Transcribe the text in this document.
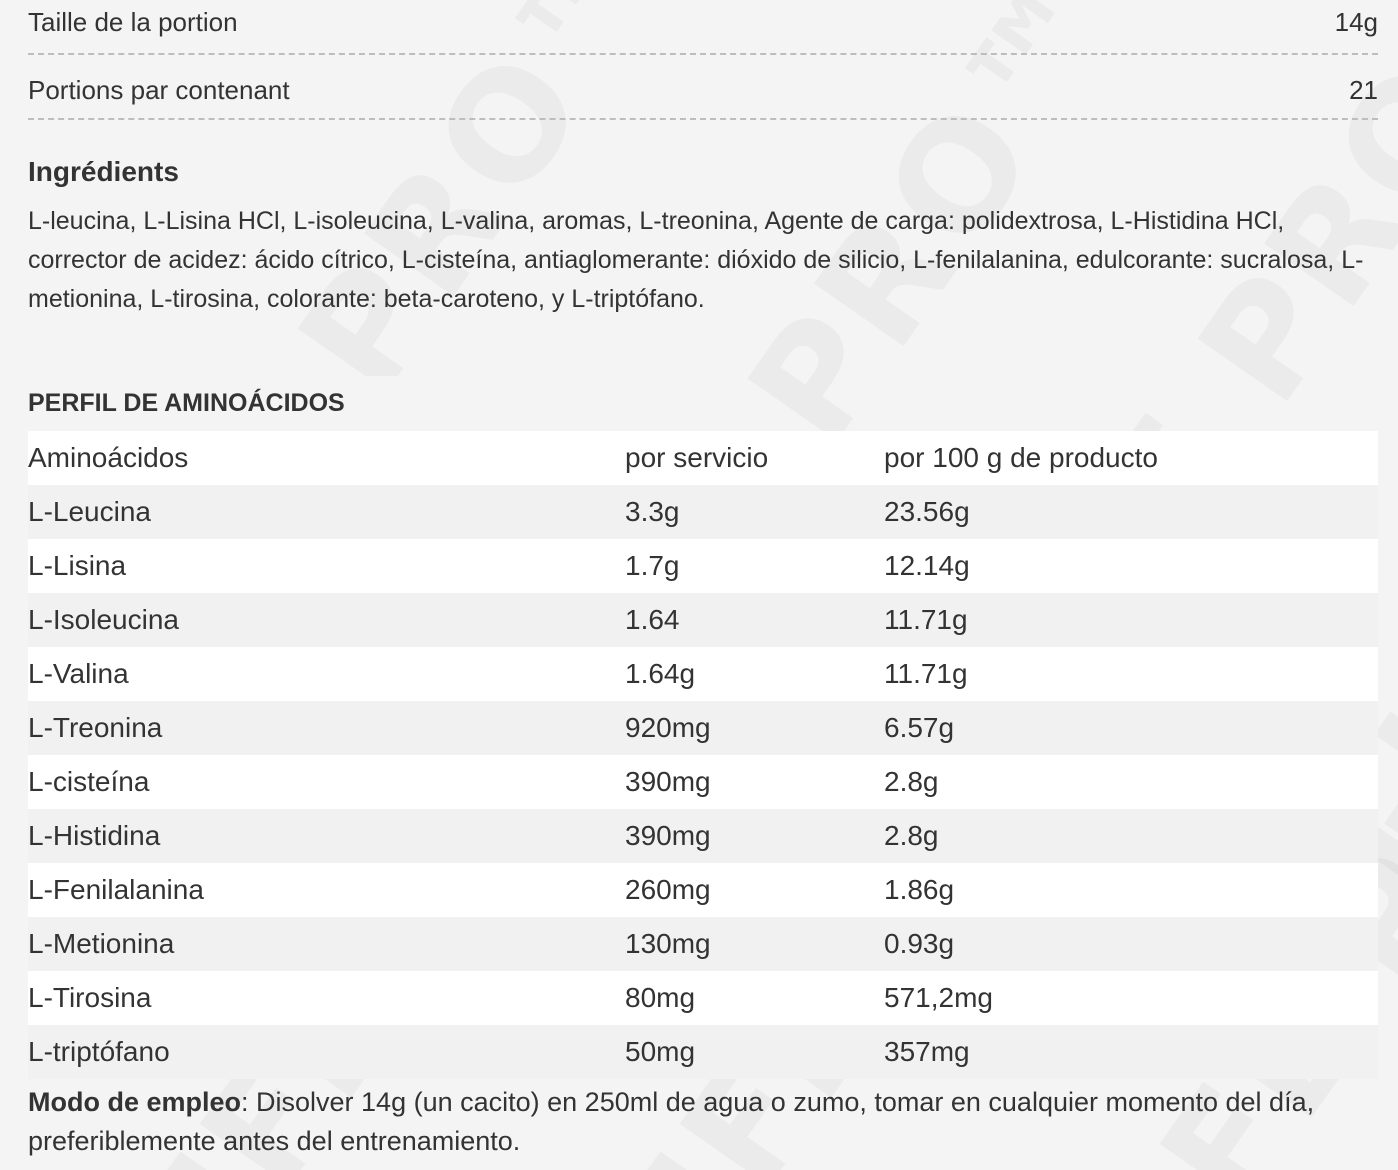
Taille de la portion	14g
Portions par contenant	21
Ingrédients
L-leucina, L-Lisina HCl, L-isoleucina, L-valina, aromas, L-treonina, Agente de carga: polidextrosa, L-Histidina HCl, corrector de acidez: ácido cítrico, L-cisteína, antiaglomerante: dióxido de silicio, L-fenilalanina, edulcorante: sucralosa, L-metionina, L-tirosina, colorante: beta-caroteno, y L-triptófano.
PERFIL DE AMINOÁCIDOS
Aminoácidos	por servicio	por 100 g de producto
L-Leucina	3.3g	23.56g
L-Lisina	1.7g	12.14g
L-Isoleucina	1.64	11.71g
L-Valina	1.64g	11.71g
L-Treonina	920mg	6.57g
L-cisteína	390mg	2.8g
L-Histidina	390mg	2.8g
L-Fenilalanina	260mg	1.86g
L-Metionina	130mg	0.93g
L-Tirosina	80mg	571,2mg
L-triptófano	50mg	357mg
Modo de empleo: Disolver 14g (un cacito) en 250ml de agua o zumo, tomar en cualquier momento del día, preferiblemente antes del entrenamiento.
